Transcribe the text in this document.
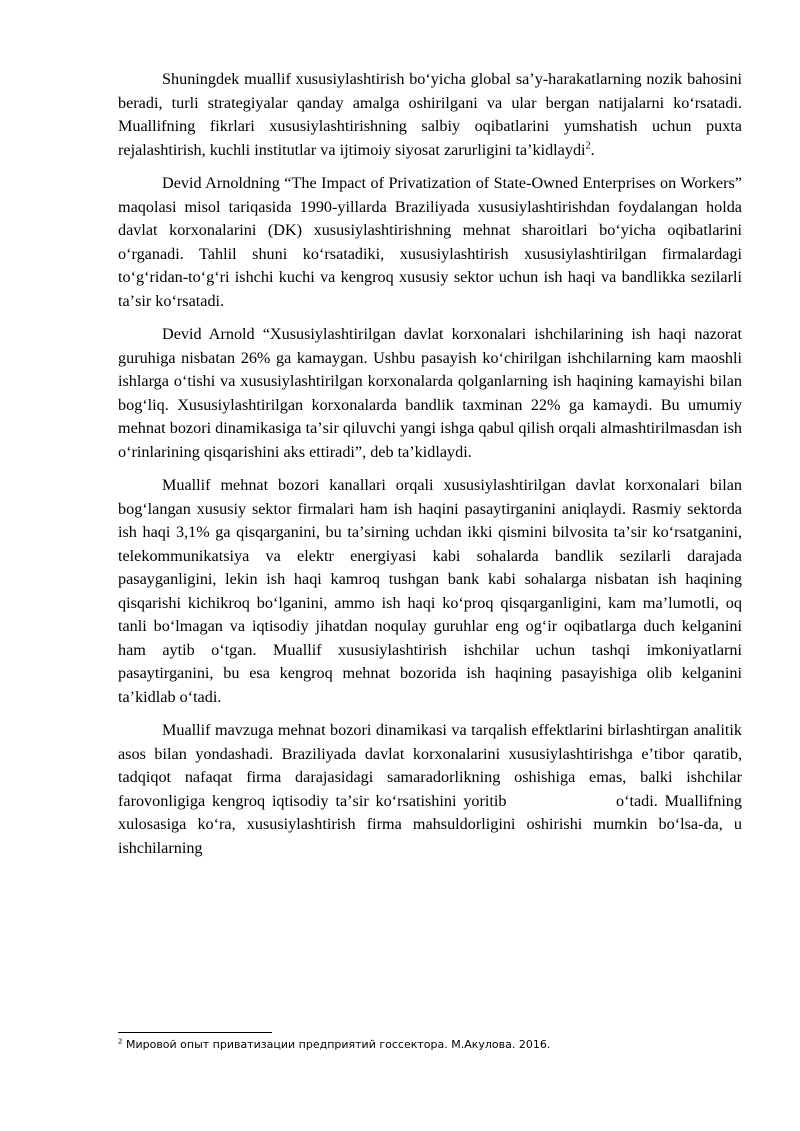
Shuningdek muallif xususiylashtirish boʻyicha global saʼy-harakatlarning nozik bahosini beradi, turli strategiyalar qanday amalga oshirilgani va ular bergan natijalarni koʻrsatadi. Muallifning fikrlari xususiylashtirishning salbiy oqibatlarini yumshatish uchun puxta rejalashtirish, kuchli institutlar va ijtimoiy siyosat zarurligini taʼkidlaydi$^2$.

Devid Arnoldning “The Impact of Privatization of State-Owned Enterprises on Workers” maqolasi misol tariqasida 1990-yillarda Braziliyada xususiylashtirishdan foydalangan holda davlat korxonalarini (DK) xususiylashtirishning mehnat sharoitlari boʻyicha oqibatlarini oʻrganadi. Tahlil shuni koʻrsatadiki, xususiylashtirish xususiylashtirilgan firmalardagi toʻgʻridan-toʻgʻri ishchi kuchi va kengroq xususiy sektor uchun ish haqi va bandlikka sezilarli taʼsir koʻrsatadi.

Devid Arnold “Xususiylashtirilgan davlat korxonalari ishchilarining ish haqi nazorat guruhiga nisbatan 26% ga kamaygan. Ushbu pasayish koʻchirilgan ishchilarning kam maoshli ishlarga oʻtishi va xususiylashtirilgan korxonalarda qolganlarning ish haqining kamayishi bilan bogʻliq. Xususiylashtirilgan korxonalarda bandlik taxminan 22% ga kamaydi. Bu umumiy mehnat bozori dinamikasiga taʼsir qiluvchi yangi ishga qabul qilish orqali almashtirilmasdan ish oʻrinlarining qisqarishini aks ettiradi”, deb taʼkidlaydi.

Muallif mehnat bozori kanallari orqali xususiylashtirilgan davlat korxonalari bilan bogʻlangan xususiy sektor firmalari ham ish haqini pasaytirganini aniqlaydi. Rasmiy sektorda ish haqi 3,1% ga qisqarganini, bu taʼsirning uchdan ikki qismini bilvosita taʼsir koʻrsatganini, telekommunikatsiya va elektr energiyasi kabi sohalarda bandlik sezilarli darajada pasayganligini, lekin ish haqi kamroq tushgan bank kabi sohalarga nisbatan ish haqining qisqarishi kichikroq boʻlganini, ammo ish haqi koʻproq qisqarganligini, kam maʼlumotli, oq tanli boʻlmagan va iqtisodiy jihatdan noqulay guruhlar eng ogʻir oqibatlarga duch kelganini ham aytib oʻtgan. Muallif xususiylashtirish ishchilar uchun tashqi imkoniyatlarni pasaytirganini, bu esa kengroq mehnat bozorida ish haqining pasayishiga olib kelganini taʼkidlab oʻtadi.

Muallif mavzuga mehnat bozori dinamikasi va tarqalish effektlarini birlashtirgan analitik asos bilan yondashadi. Braziliyada davlat korxonalarini xususiylashtirishga eʼtibor qaratib, tadqiqot nafaqat firma darajasidagi samaradorlikning oshishiga emas, balki ishchilar farovonligiga kengroq iqtisodiy taʼsir koʻrsatishini yoritib                oʻtadi. Muallifning xulosasiga koʻra, xususiylashtirish firma mahsuldorligini oshirishi mumkin boʻlsa-da, u ishchilarning

$^2$ Мировой опыт приватизации предприятий госсектора. М.Акулова. 2016.
